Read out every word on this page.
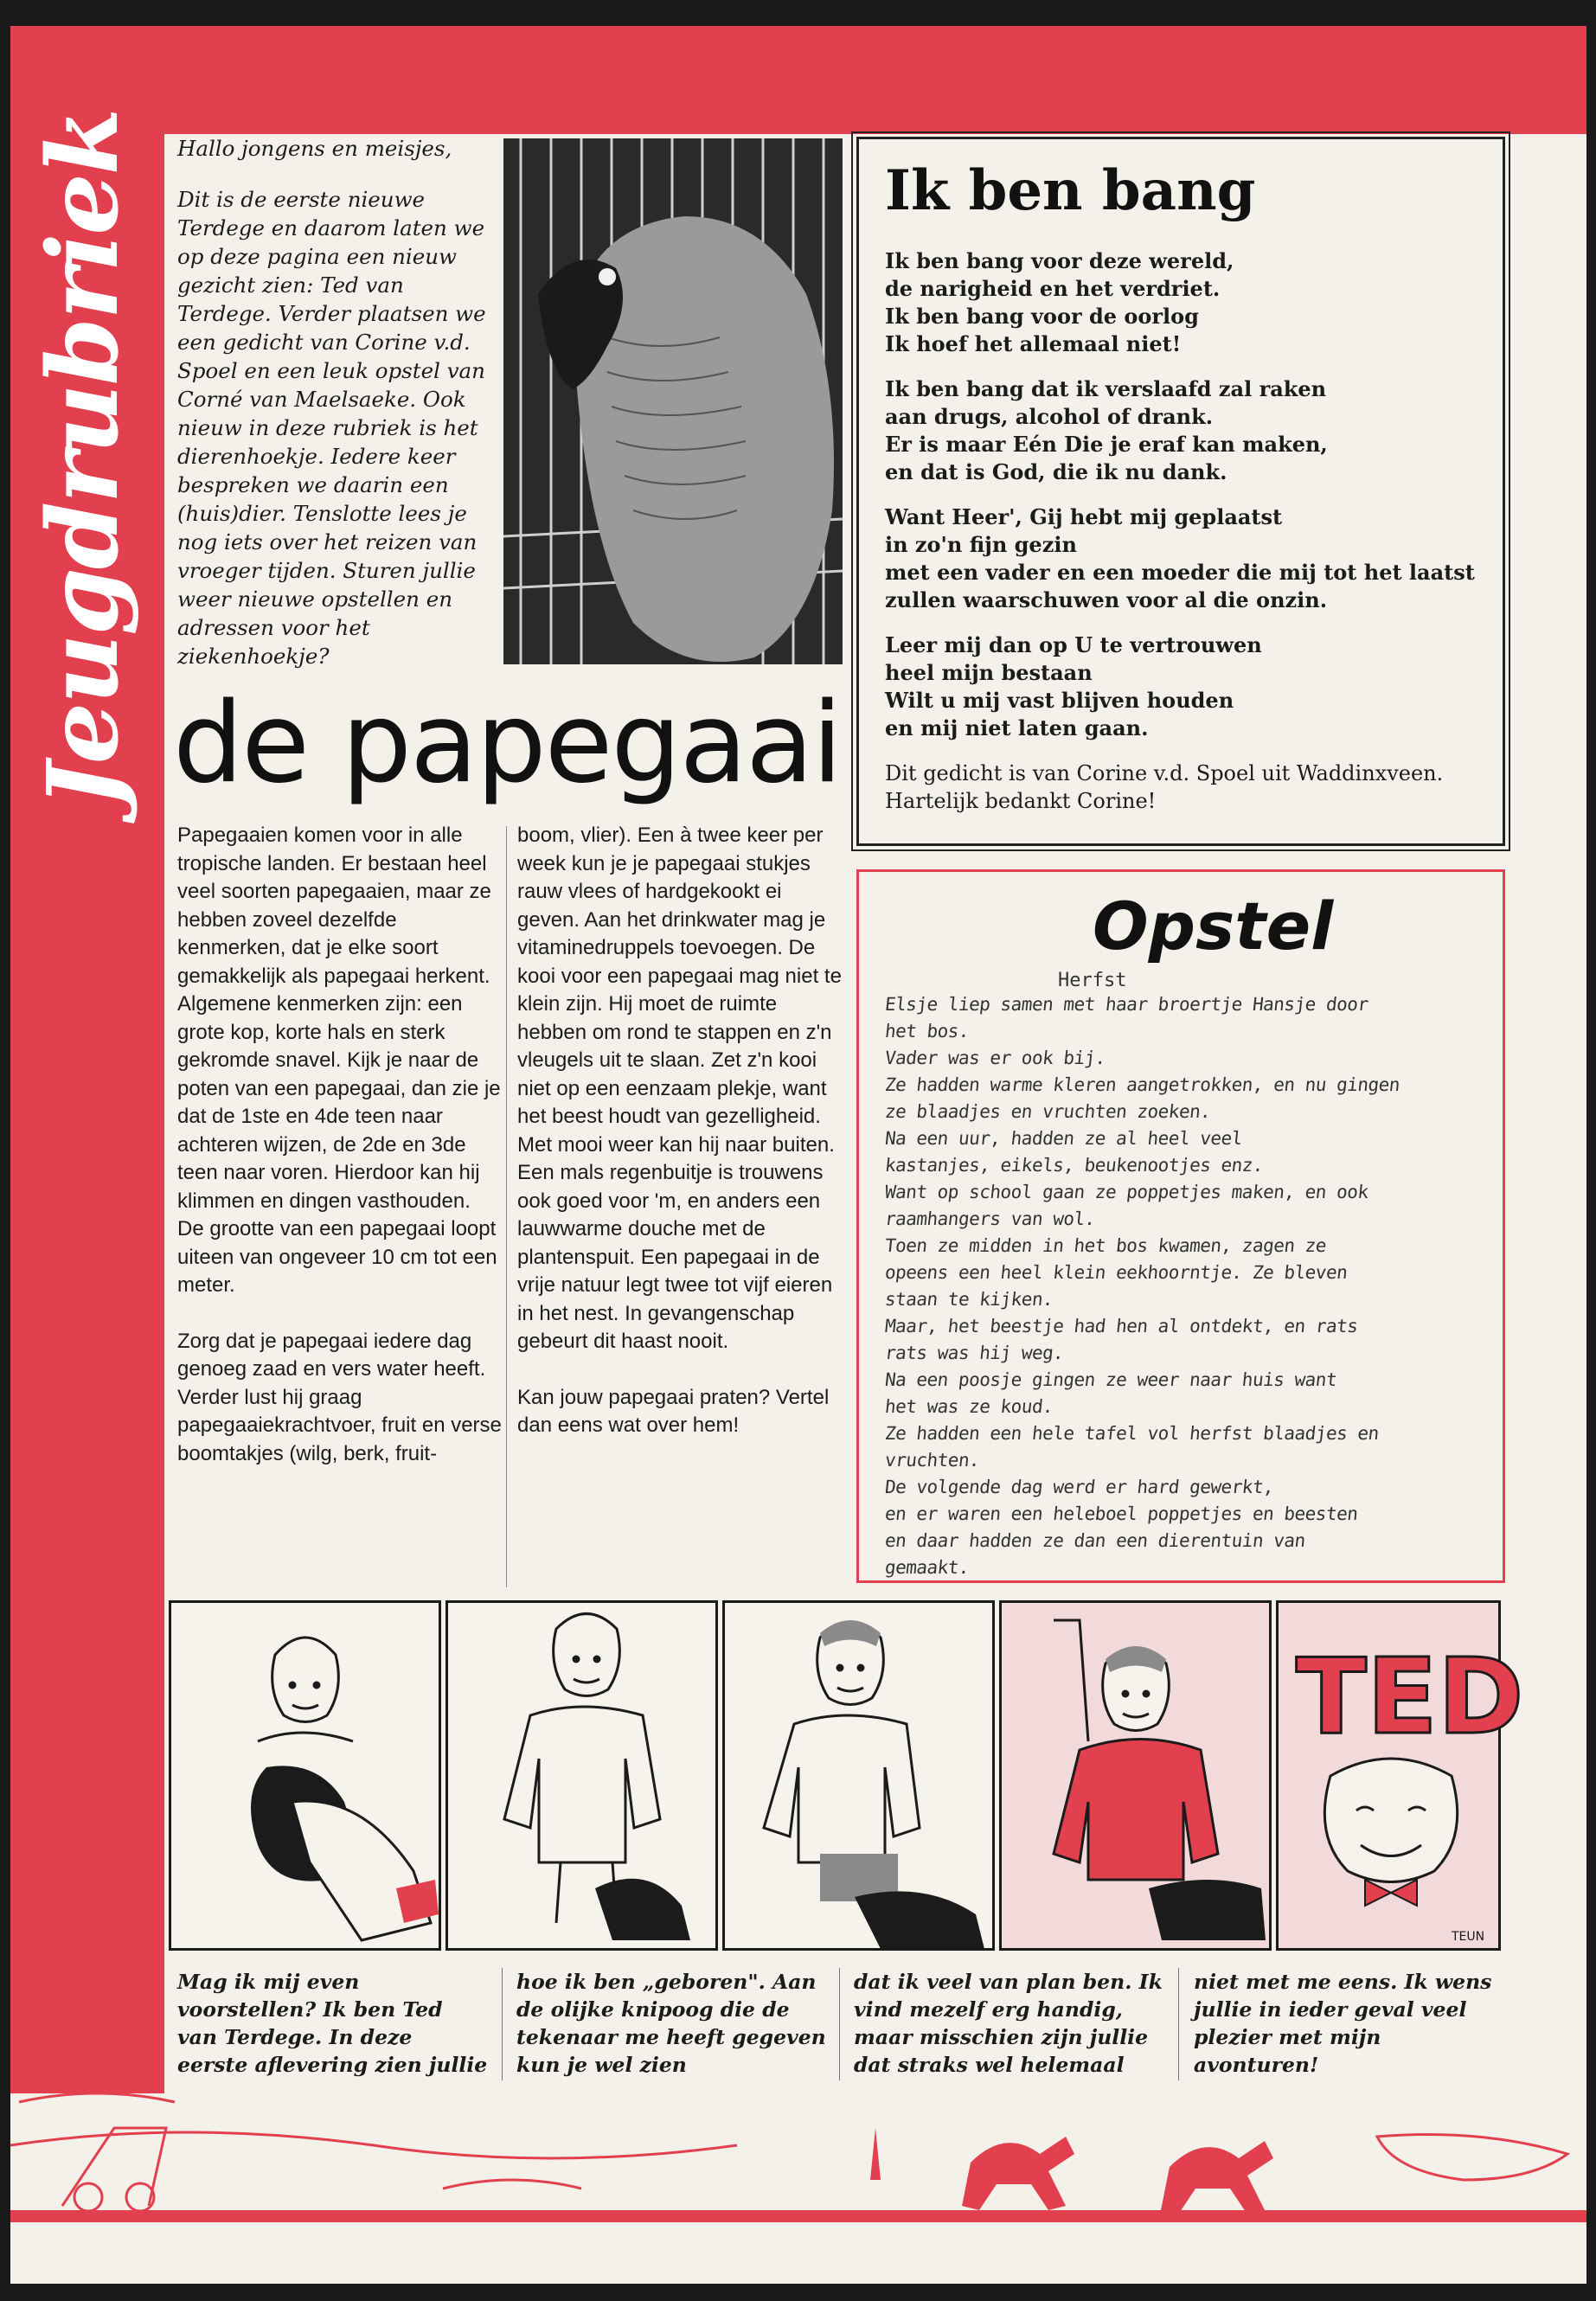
Jeugdrubriek Hallo jongens en meisjes,

Dit is de eerste nieuwe Terdege en daarom laten we op deze pagina een nieuw gezicht zien: Ted van Terdege. Verder plaatsen we een gedicht van Corine v.d. Spoel en een leuk opstel van Corné van Maelsaeke. Ook nieuw in deze rubriek is het dierenhoekje. Iedere keer bespreken we daarin een (huis)dier. Tenslotte lees je nog iets over het reizen van vroeger tijden. Sturen jullie weer nieuwe opstellen en adressen voor het ziekenhoekje?

de papegaai

Papegaaien komen voor in alle tropische landen. Er bestaan heel veel soorten papegaaien, maar ze hebben zoveel dezelfde kenmerken, dat je elke soort gemakkelijk als papegaai herkent. Algemene kenmerken zijn: een grote kop, korte hals en sterk gekromde snavel. Kijk je naar de poten van een papegaai, dan zie je dat de 1ste en 4de teen naar achteren wijzen, de 2de en 3de teen naar voren. Hierdoor kan hij klimmen en dingen vasthouden. De grootte van een papegaai loopt uiteen van ongeveer 10 cm tot een meter.

Zorg dat je papegaai iedere dag genoeg zaad en vers water heeft. Verder lust hij graag papegaaiekrachtvoer, fruit en verse boomtakjes (wilg, berk, fruit-

boom, vlier). Een à twee keer per week kun je je papegaai stukjes rauw vlees of hardgekookt ei geven. Aan het drinkwater mag je vitaminedruppels toevoegen. De kooi voor een papegaai mag niet te klein zijn. Hij moet de ruimte hebben om rond te stappen en z'n vleugels uit te slaan. Zet z'n kooi niet op een eenzaam plekje, want het beest houdt van gezelligheid. Met mooi weer kan hij naar buiten. Een mals regenbuitje is trouwens ook goed voor 'm, en anders een lauwwarme douche met de plantenspuit. Een papegaai in de vrije natuur legt twee tot vijf eieren in het nest. In gevangenschap gebeurt dit haast nooit.

Kan jouw papegaai praten? Vertel dan eens wat over hem!

Ik ben bang
Ik ben bang voor deze wereld,
de narigheid en het verdriet.
Ik ben bang voor de oorlog
Ik hoef het allemaal niet!
Ik ben bang dat ik verslaafd zal raken
aan drugs, alcohol of drank.
Er is maar Eén Die je eraf kan maken,
en dat is God, die ik nu dank.
Want Heer', Gij hebt mij geplaatst
in zo'n fijn gezin
met een vader en een moeder die mij tot het laatst
zullen waarschuwen voor al die onzin.
Leer mij dan op U te vertrouwen
heel mijn bestaan
Wilt u mij vast blijven houden
en mij niet laten gaan.
Dit gedicht is van Corine v.d. Spoel uit Waddinxveen.
Hartelijk bedankt Corine!
Opstel
Herfst
Elsje liep samen met haar broertje Hansje door
het bos.
Vader was er ook bij.
Ze hadden warme kleren aangetrokken, en nu gingen
ze blaadjes en vruchten zoeken.
Na een uur, hadden ze al heel veel
kastanjes, eikels, beukenootjes enz.
Want op school gaan ze poppetjes maken, en ook
raamhangers van wol.
Toen ze midden in het bos kwamen, zagen ze
opeens een heel klein eekhoorntje. Ze bleven
staan te kijken.
Maar, het beestje had hen al ontdekt, en rats
rats was hij weg.
Na een poosje gingen ze weer naar huis want
het was ze koud.
Ze hadden een hele tafel vol herfst blaadjes en
vruchten.
De volgende dag werd er hard gewerkt,
en er waren een heleboel poppetjes en beesten
en daar hadden ze dan een dierentuin van
gemaakt.
TED
TEUN
Mag ik mij even voorstellen? Ik ben Ted van Terdege. In deze eerste aflevering zien jullie
hoe ik ben „geboren". Aan de olijke knipoog die de tekenaar me heeft gegeven kun je wel zien
dat ik veel van plan ben. Ik vind mezelf erg handig, maar misschien zijn jullie dat straks wel helemaal
niet met me eens. Ik wens jullie in ieder geval veel plezier met mijn avonturen!
